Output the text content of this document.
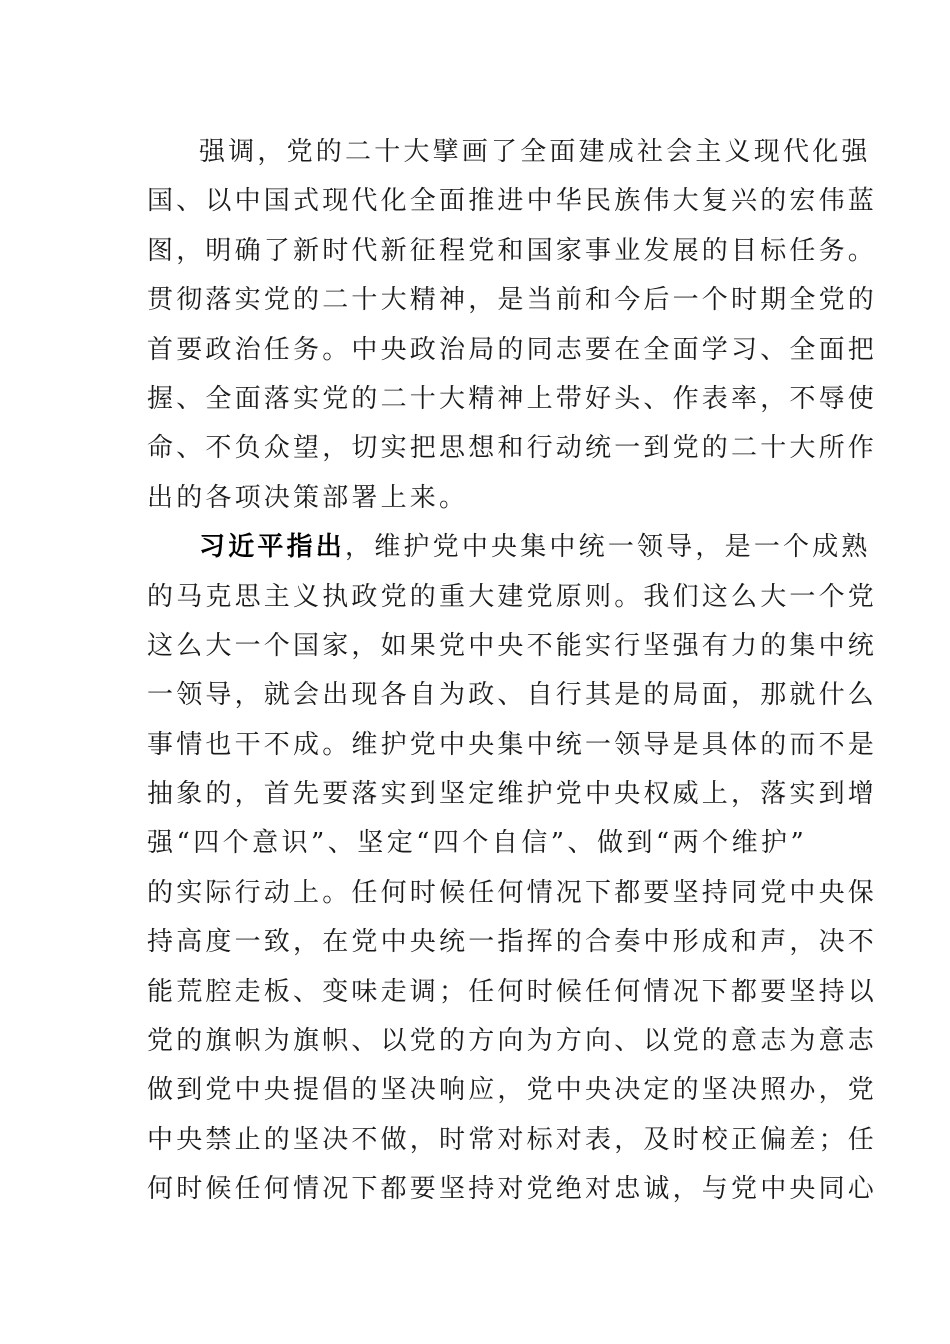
强调，党的二十大擘画了全面建成社会主义现代化强
国、以中国式现代化全面推进中华民族伟大复兴的宏伟蓝
图，明确了新时代新征程党和国家事业发展的目标任务。
贯彻落实党的二十大精神，是当前和今后一个时期全党的
首要政治任务。中央政治局的同志要在全面学习、全面把
握、全面落实党的二十大精神上带好头、作表率，不辱使
命、不负众望，切实把思想和行动统一到党的二十大所作
出的各项决策部署上来。
习近平指出，维护党中央集中统一领导，是一个成熟
的马克思主义执政党的重大建党原则。我们这么大一个党
这么大一个国家，如果党中央不能实行坚强有力的集中统
一领导，就会出现各自为政、自行其是的局面，那就什么
事情也干不成。维护党中央集中统一领导是具体的而不是
抽象的，首先要落实到坚定维护党中央权威上，落实到增
强“四个意识”、坚定“四个自信”、做到“两个维护”
的实际行动上。任何时候任何情况下都要坚持同党中央保
持高度一致，在党中央统一指挥的合奏中形成和声，决不
能荒腔走板、变味走调；任何时候任何情况下都要坚持以
党的旗帜为旗帜、以党的方向为方向、以党的意志为意志
做到党中央提倡的坚决响应，党中央决定的坚决照办，党
中央禁止的坚决不做，时常对标对表，及时校正偏差；任
何时候任何情况下都要坚持对党绝对忠诚，与党中央同心
